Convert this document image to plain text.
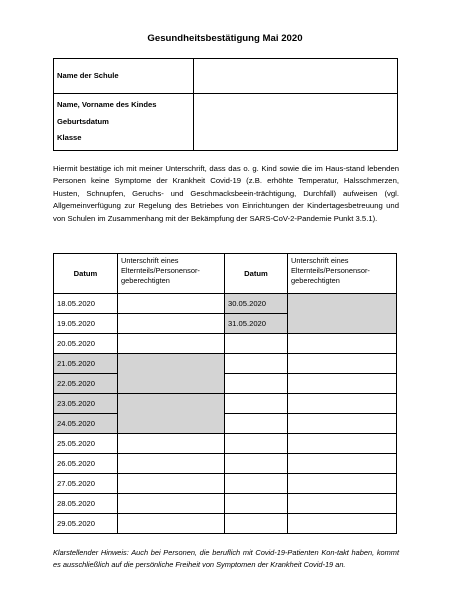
Gesundheitsbestätigung Mai 2020
Name der Schule	

Name, Vorname des Kindes
Geburtsdatum
Klasse	

Hiermit bestätige ich mit meiner Unterschrift, dass das o. g. Kind sowie die im Haus-stand lebenden Personen keine Symptome der Krankheit Covid-19 (z.B. erhöhte Temperatur, Halsschmerzen, Husten, Schnupfen, Geruchs- und Geschmacksbeein-trächtigung, Durchfall) aufweisen (vgl. Allgemeinverfügung zur Regelung des Betriebes von Einrichtungen der Kindertagesbetreuung und von Schulen im Zusammenhang mit der Bekämpfung der SARS-CoV-2-Pandemie Punkt 3.5.1).
Datum	Unterschrift eines Elternteils/Personensor-geberechtigten	Datum	Unterschrift eines Elternteils/Personensor-geberechtigten
18.05.2020		30.05.2020	
19.05.2020		31.05.2020	
20.05.2020			
21.05.2020			
22.05.2020			
23.05.2020			
24.05.2020			
25.05.2020			
26.05.2020			
27.05.2020			
28.05.2020			
29.05.2020			
Klarstellender Hinweis: Auch bei Personen, die beruflich mit Covid-19-Patienten Kon-takt haben, kommt es ausschließlich auf die persönliche Freiheit von Symptomen der Krankheit Covid-19 an.
